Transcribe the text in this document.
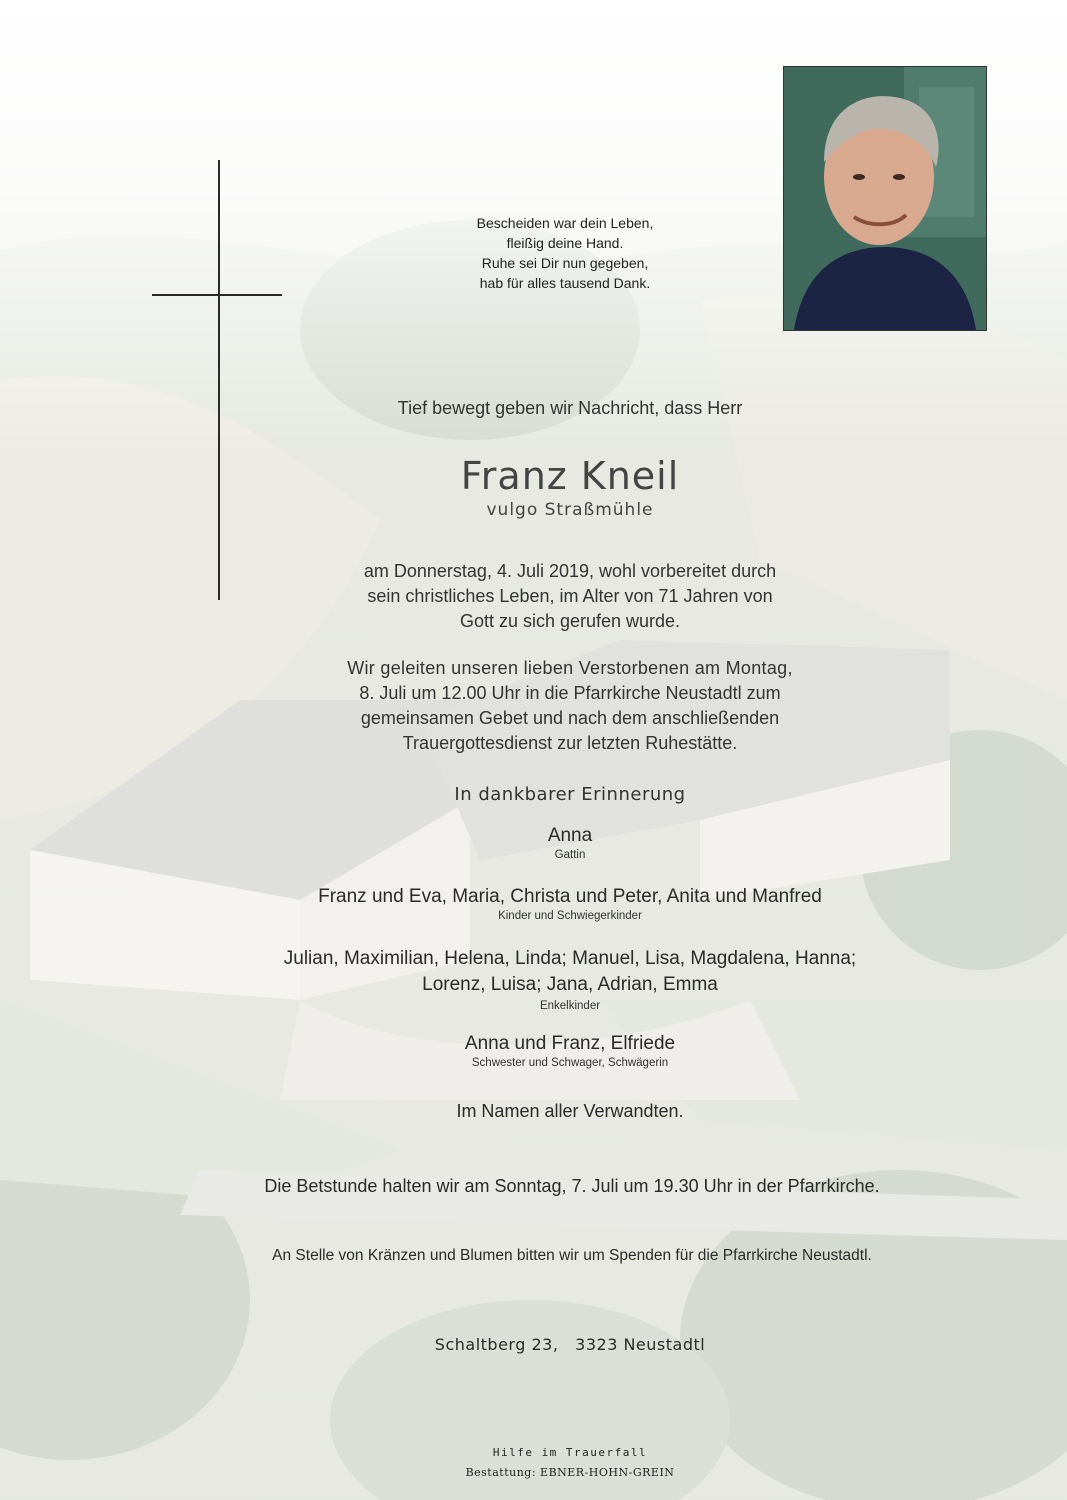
Bescheiden war dein Leben,
fleißig deine Hand.
Ruhe sei Dir nun gegeben,
hab für alles tausend Dank.
Tief bewegt geben wir Nachricht, dass Herr
Franz Kneil
vulgo Straßmühle
am Donnerstag, 4. Juli 2019, wohl vorbereitet durch
sein christliches Leben, im Alter von 71 Jahren von
Gott zu sich gerufen wurde.
Wir geleiten unseren lieben Verstorbenen am Montag,
8. Juli um 12.00 Uhr in die Pfarrkirche Neustadtl zum
gemeinsamen Gebet und nach dem anschließenden
Trauergottesdienst zur letzten Ruhestätte.
In dankbarer Erinnerung
Anna
Gattin
Franz und Eva, Maria, Christa und Peter, Anita und Manfred
Kinder und Schwiegerkinder
Julian, Maximilian, Helena, Linda; Manuel, Lisa, Magdalena, Hanna;
Lorenz, Luisa; Jana, Adrian, Emma
Enkelkinder
Anna und Franz, Elfriede
Schwester und Schwager, Schwägerin
Im Namen aller Verwandten.
Die Betstunde halten wir am Sonntag, 7. Juli um 19.30 Uhr in der Pfarrkirche.
An Stelle von Kränzen und Blumen bitten wir um Spenden für die Pfarrkirche Neustadtl.
Schaltberg 23,   3323 Neustadtl
Hilfe im Trauerfall
Bestattung: EBNER-HOHN-GREIN
